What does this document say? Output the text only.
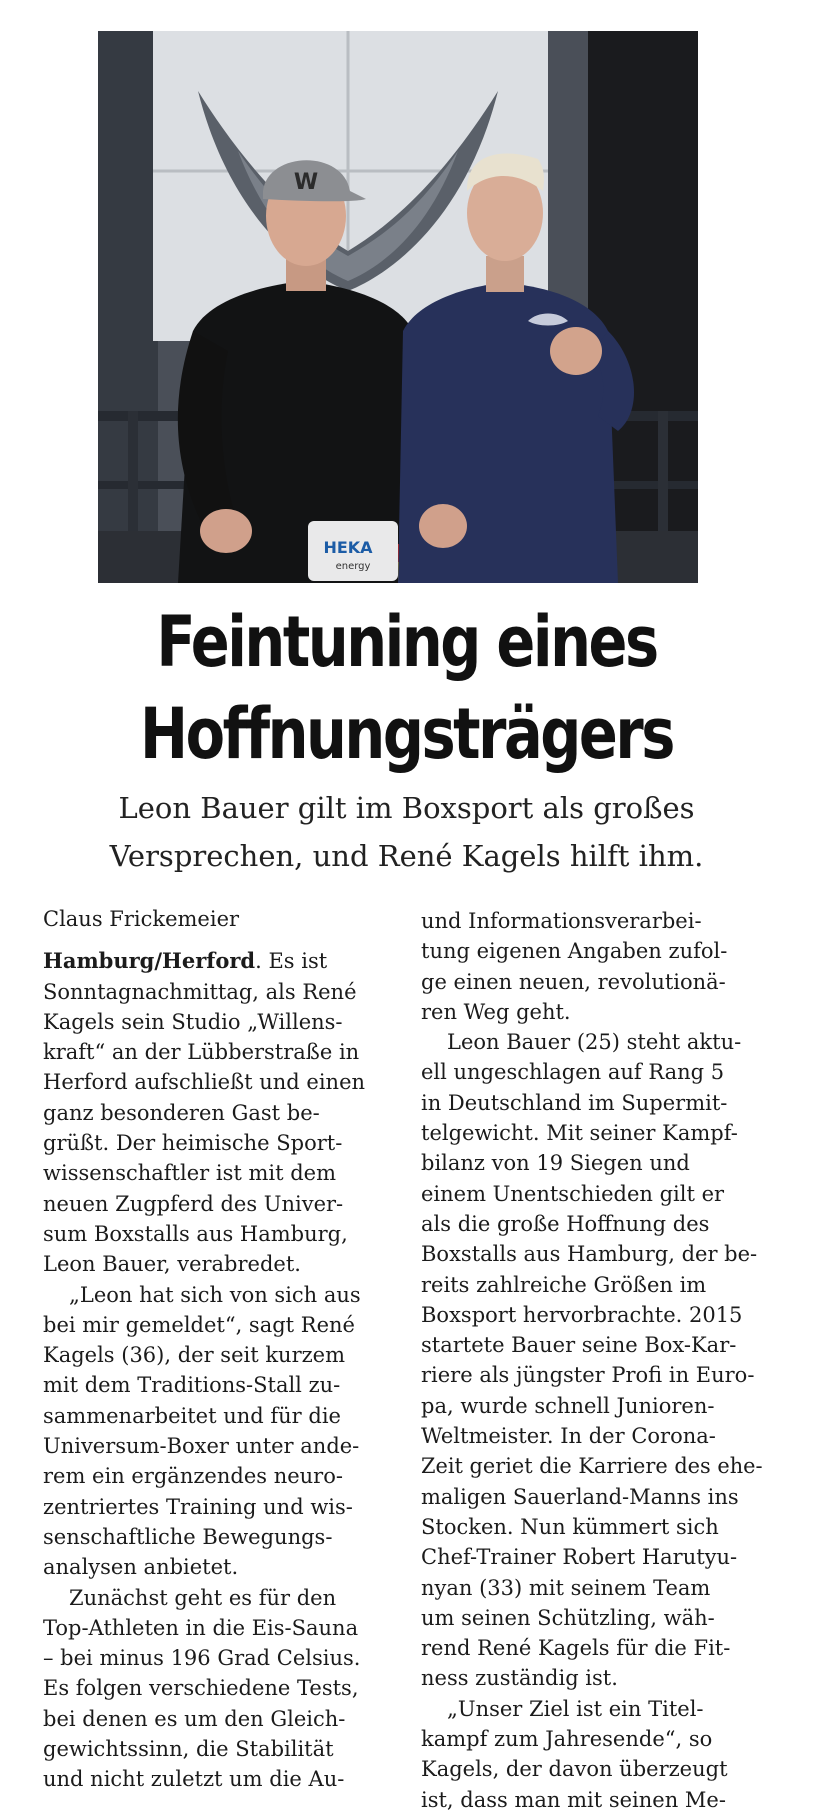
W
HEKA
energy
Feintuning eines
Hoffnungsträgers
Leon Bauer gilt im Boxsport als großes
Versprechen, und René Kagels hilft ihm.
Claus Frickemeier
Hamburg/Herford. Es ist
Sonntagnachmittag, als René
Kagels sein Studio „Willens-
kraft“ an der Lübberstraße in
Herford aufschließt und einen
ganz besonderen Gast be-
grüßt. Der heimische Sport-
wissenschaftler ist mit dem
neuen Zugpferd des Univer-
sum Boxstalls aus Hamburg,
Leon Bauer, verabredet.
„Leon hat sich von sich aus
bei mir gemeldet“, sagt René
Kagels (36), der seit kurzem
mit dem Traditions-Stall zu-
sammenarbeitet und für die
Universum-Boxer unter ande-
rem ein ergänzendes neuro-
zentriertes Training und wis-
senschaftliche Bewegungs-
analysen anbietet.
Zunächst geht es für den
Top-Athleten in die Eis-Sauna
– bei minus 196 Grad Celsius.
Es folgen verschiedene Tests,
bei denen es um den Gleich-
gewichtssinn, die Stabilität
und nicht zuletzt um die Au-
und Informationsverarbei-
tung eigenen Angaben zufol-
ge einen neuen, revolutionä-
ren Weg geht.
Leon Bauer (25) steht aktu-
ell ungeschlagen auf Rang 5
in Deutschland im Supermit-
telgewicht. Mit seiner Kampf-
bilanz von 19 Siegen und
einem Unentschieden gilt er
als die große Hoffnung des
Boxstalls aus Hamburg, der be-
reits zahlreiche Größen im
Boxsport hervorbrachte. 2015
startete Bauer seine Box-Kar-
riere als jüngster Profi in Euro-
pa, wurde schnell Junioren-
Weltmeister. In der Corona-
Zeit geriet die Karriere des ehe-
maligen Sauerland-Manns ins
Stocken. Nun kümmert sich
Chef-Trainer Robert Harutyu-
nyan (33) mit seinem Team
um seinen Schützling, wäh-
rend René Kagels für die Fit-
ness zuständig ist.
„Unser Ziel ist ein Titel-
kampf zum Jahresende“, so
Kagels, der davon überzeugt
ist, dass man mit seinen Me-
